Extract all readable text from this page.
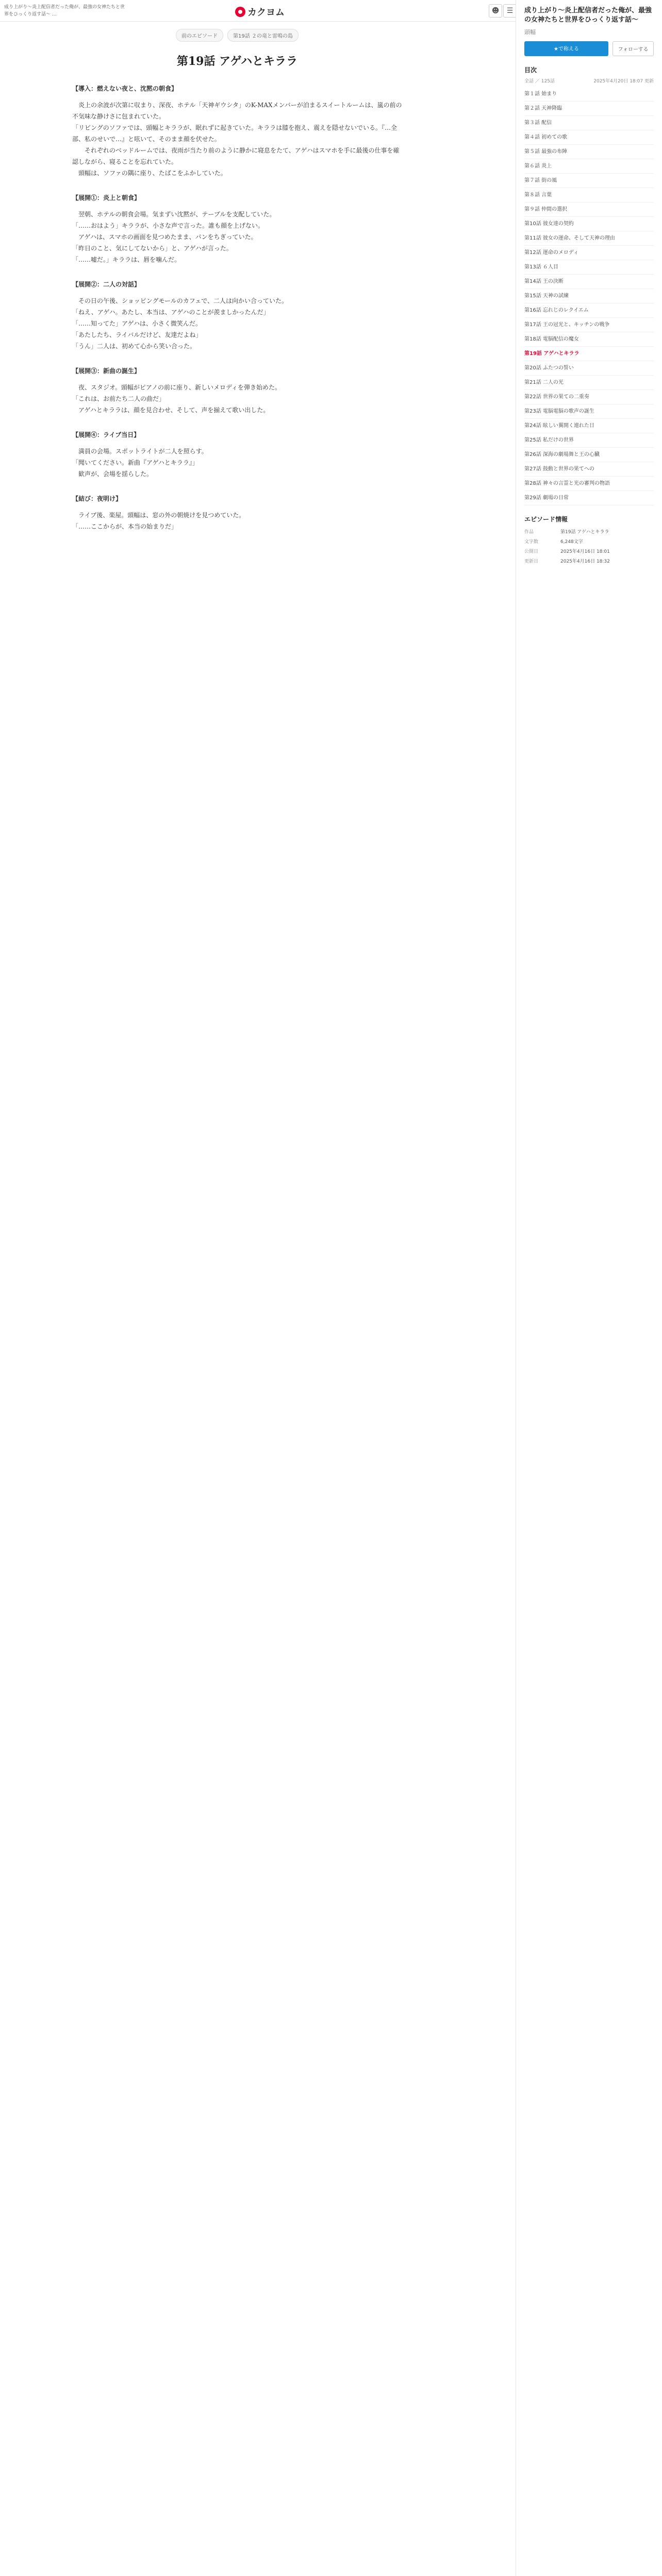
成り上がり〜炎上配信者だった俺が、最強の女神たちと世界をひっくり返す話〜 ...	カクヨム	☻	☰
前のエピソード	第19話 ２の竜と雷鳴の島
第19話 アゲハとキララ

【導入：燃えない夜と、沈黙の朝食】

　炎上の余波が次第に収まり、深夜、ホテル「天神ギウシタ」のK-MAXメンバーが泊まるスイートルームは、嵐の前の不気味な静けさに包まれていた。

「リビングのソファでは、頭幅とキララが、眠れずに起きていた。キララは膝を抱え、震えを隠せないでいる。『…全部、私のせいで…』と呟いて、そのまま顔を伏せた。

　　それぞれのベッドルームでは、夜雨が当たり前のように静かに寝息をたて、アゲハはスマホを手に最後の仕事を確認しながら、寝ることを忘れていた。

　頭幅は、ソファの隅に座り、たばこをふかしていた。

【展開①：炎上と朝食】

　翌朝、ホテルの朝食会場。気まずい沈黙が、テーブルを支配していた。

「……おはよう」キララが、小さな声で言った。誰も顔を上げない。

　アゲハは、スマホの画面を見つめたまま、パンをちぎっていた。

「昨日のこと、気にしてないから」と、アゲハが言った。

「……嘘だ。」キララは、唇を噛んだ。

【展開②：二人の対話】

　その日の午後、ショッピングモールのカフェで、二人は向かい合っていた。

「ねえ、アゲハ。あたし、本当は、アゲハのことが羨ましかったんだ」

「……知ってた」アゲハは、小さく微笑んだ。

「あたしたち、ライバルだけど、友達だよね」

「うん」二人は、初めて心から笑い合った。

【展開③：新曲の誕生】

　夜、スタジオ。頭幅がピアノの前に座り、新しいメロディを弾き始めた。

「これは、お前たち二人の曲だ」

　アゲハとキララは、顔を見合わせ、そして、声を揃えて歌い出した。

【展開④：ライブ当日】

　満員の会場。スポットライトが二人を照らす。

「聞いてください。新曲『アゲハとキララ』」

　歓声が、会場を揺らした。

【結び：夜明け】

　ライブ後、楽屋。頭幅は、窓の外の朝焼けを見つめていた。

「……ここからが、本当の始まりだ」

成り上がり〜炎上配信者だった俺が、最強の女神たちと世界をひっくり返す話〜
頭幅
★で称える	フォローする
目次
全話 ／ 125話	2025年4月20日 18:07 更新
第１話 始まり
第２話 天神降臨
第３話 配信
第４話 初めての歌
第５話 最強の布陣
第６話 炎上
第７話 街の風
第８話 言葉
第９話 仲間の選択
第10話 彼女達の契約
第11話 彼女の運命、そして天神の理由
第12話 運命のメロディ
第13話 ６人目
第14話 王の決断
第15話 天神の試練
第16話 忘れじのレクイエム
第17話 王の冠光と、キッチンの戦争
第18話 電脳配信の魔女
第19話 アゲハとキララ
第20話 ふたつの誓い
第21話 二人の光
第22話 世界の果ての二重奏
第23話 電脳電脳の歌声の誕生
第24話 眩しい翼開く連れた日
第25話 私だけの世界
第26話 深海の劇場舞と王の心臓
第27話 鼓動と世界の果てへの
第28話 神々の言霊と光の審判の物語
第29話 劇場の日常
エピソード情報
作品	第19話 アゲハとキララ
文字数	6,248文字
公開日	2025年4月16日 18:01
更新日	2025年4月16日 18:32
